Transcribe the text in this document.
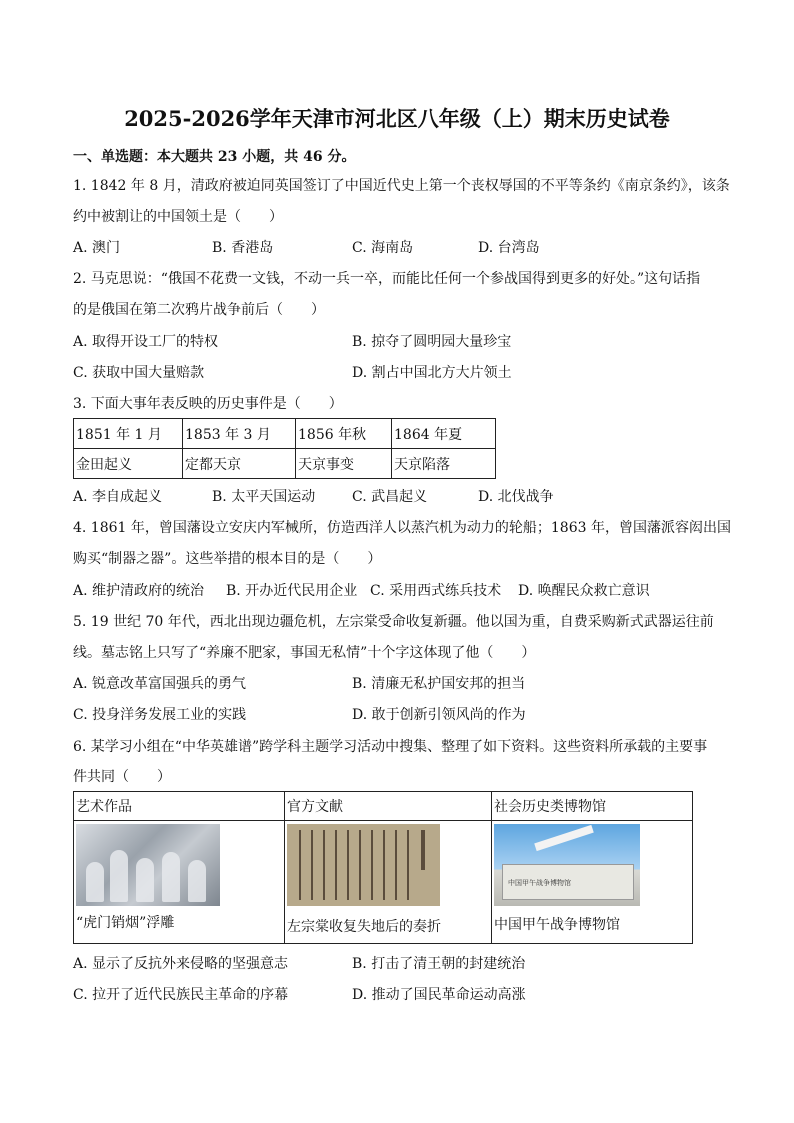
2025-2026学年天津市河北区八年级（上）期末历史试卷
一、单选题：本大题共 23 小题，共 46 分。
1. 1842 年 8 月，清政府被迫同英国签订了中国近代史上第一个丧权辱国的不平等条约《南京条约》，该条
约中被割让的中国领土是（　　）
A. 澳门	B. 香港岛	C. 海南岛	D. 台湾岛
2. 马克思说：“俄国不花费一文钱，不动一兵一卒，而能比任何一个参战国得到更多的好处。”这句话指
的是俄国在第二次鸦片战争前后（　　）
A. 取得开设工厂的特权	B. 掠夺了圆明园大量珍宝
C. 获取中国大量赔款	D. 割占中国北方大片领土
3. 下面大事年表反映的历史事件是（　　）
1851 年 1 月	1853 年 3 月	1856 年秋	1864 年夏
金田起义	定都天京	天京事变	天京陷落
A. 李自成起义	B. 太平天国运动	C. 武昌起义	D. 北伐战争
4. 1861 年，曾国藩设立安庆内军械所，仿造西洋人以蒸汽机为动力的轮船；1863 年，曾国藩派容闳出国
购买“制器之器”。这些举措的根本目的是（　　）
A. 维护清政府的统治 B. 开办近代民用企业 C. 采用西式练兵技术 D. 唤醒民众救亡意识
5. 19 世纪 70 年代，西北出现边疆危机，左宗棠受命收复新疆。他以国为重，自费采购新式武器运往前
线。墓志铭上只写了“养廉不肥家，事国无私情”十个字这体现了他（　　）
A. 锐意改革富国强兵的勇气	B. 清廉无私护国安邦的担当
C. 投身洋务发展工业的实践	D. 敢于创新引领风尚的作为
6. 某学习小组在“中华英雄谱”跨学科主题学习活动中搜集、整理了如下资料。这些资料所承载的主要事
件共同（　　）
艺术作品	官方文献	社会历史类博物馆

“虎门销烟”浮雕	左宗棠收复失地后的奏折	中国甲午战争博物馆
中国甲午战争博物馆
A. 显示了反抗外来侵略的坚强意志	B. 打击了清王朝的封建统治
C. 拉开了近代民族民主革命的序幕	D. 推动了国民革命运动高涨
